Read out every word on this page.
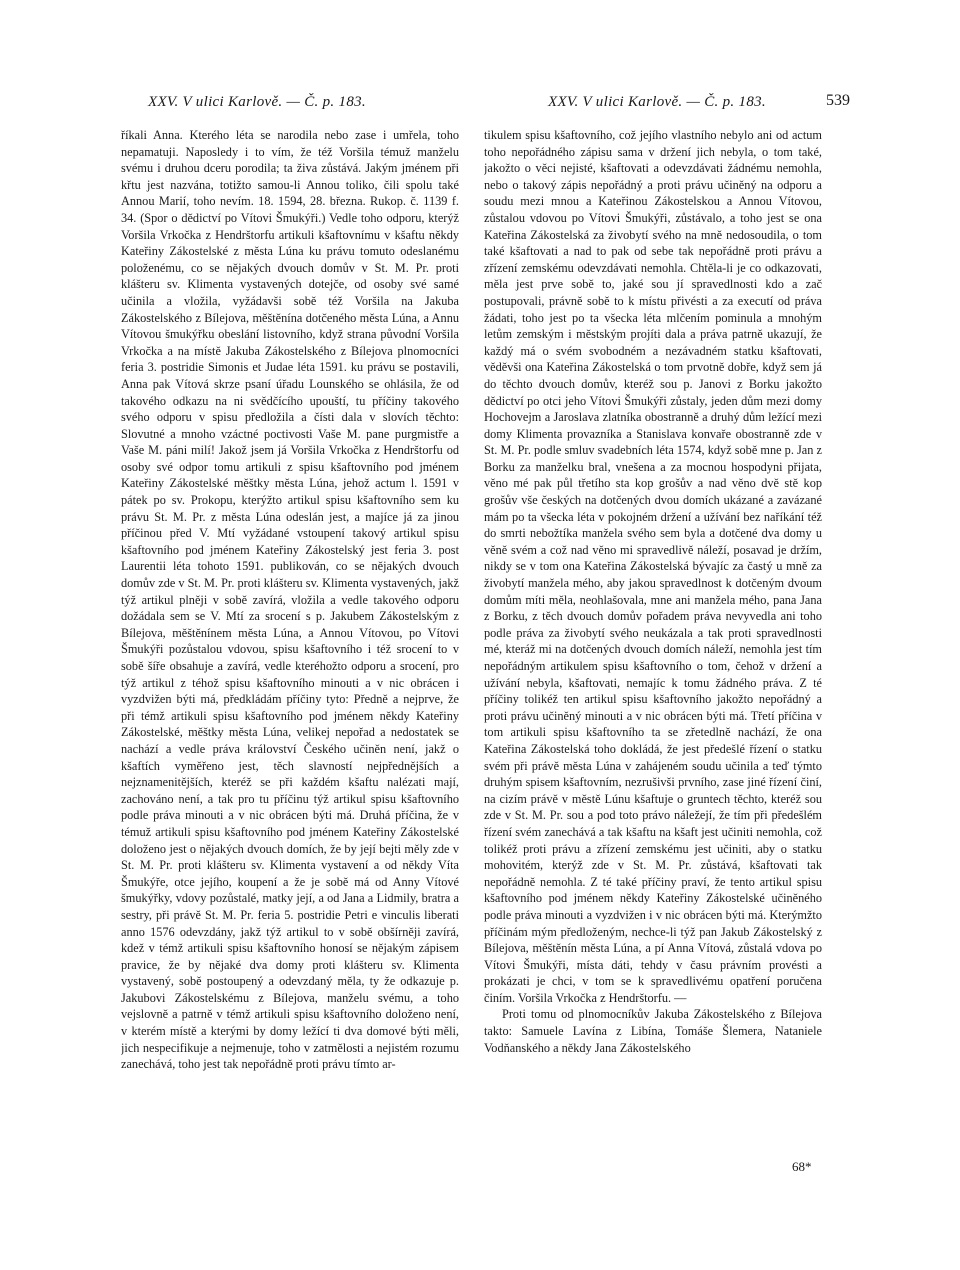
XXV. V ulici Karlově. — Č. p. 183.	XXV. V ulici Karlově. — Č. p. 183.	539

říkali Anna. Kterého léta se narodila nebo zase i umřela, toho nepamatuji. Naposledy i to vím, že též Voršila témuž manželu svému i druhou dceru porodila; ta živa zůstává. Jakým jménem při křtu jest nazvána, totižto samou-li Annou toliko, čili spolu také Annou Marií, toho nevím. 18. 1594, 28. března. Rukop. č. 1139 f. 34. (Spor o dědictví po Vítovi Šmukýři.) Vedle toho odporu, kterýž Voršila Vrkočka z Hendrštorfu artikuli kšaftovnímu v kšaftu někdy Kateřiny Zákostelské z města Lúna ku právu tomuto odeslanému položenému, co se nějakých dvouch domův v St. M. Pr. proti klášteru sv. Klimenta vystavených dotejče, od osoby své samé učinila a vložila, vyžádavši sobě též Voršila na Jakuba Zákostelského z Bílejova, měštěnína dotčeného města Lúna, a Annu Vítovou šmukýřku obeslání listovního, když strana původní Voršila Vrkočka a na místě Jakuba Zákostelského z Bílejova plnomocníci feria 3. postridie Simonis et Judae léta 1591. ku právu se postavili, Anna pak Vítová skrze psaní úřadu Lounského se ohlásila, že od takového odkazu na ni svědčícího upouští, tu příčiny takového svého odporu v spisu předložila a čísti dala v slovích těchto: Slovutné a mnoho vzáctné poctivosti Vaše M. pane purgmistře a Vaše M. páni milí! Jakož jsem já Voršila Vrkočka z Hendrštorfu od osoby své odpor tomu artikuli z spisu kšaftovního pod jménem Kateřiny Zákostelské měštky města Lúna, jehož actum l. 1591 v pátek po sv. Prokopu, kterýžto artikul spisu kšaftovního sem ku právu St. M. Pr. z města Lúna odeslán jest, a majíce já za jinou příčinou před V. Mtí vyžádané vstoupení takový artikul spisu kšaftovního pod jménem Kateřiny Zákostelský jest feria 3. post Laurentii léta tohoto 1591. publikován, co se nějakých dvouch domův zde v St. M. Pr. proti klášteru sv. Klimenta vystavených, jakž týž artikul plněji v sobě zavírá, vložila a vedle takového odporu dožádala sem se V. Mtí za srocení s p. Jakubem Zákostelským z Bílejova, měštěnínem města Lúna, a Annou Vítovou, po Vítovi Šmukýři pozůstalou vdovou, spisu kšaftovního i též srocení to v sobě šíře obsahuje a zavírá, vedle kteréhožto odporu a srocení, pro týž artikul z téhož spisu kšaftovního minouti a v nic obrácen i vyzdvižen býti má, předkládám příčiny tyto: Předně a nejprve, že při témž artikuli spisu kšaftovního pod jménem někdy Kateřiny Zákostelské, měštky města Lúna, velikej nepořad a nedostatek se nachází a vedle práva království Českého učiněn není, jakž o kšaftích vyměřeno jest, těch slavností nejpřednějších a nejznamenitějších, kteréž se při každém kšaftu nalézati mají, zachováno není, a tak pro tu příčinu týž artikul spisu kšaftovního podle práva minouti a v nic obrácen býti má. Druhá příčina, že v témuž artikuli spisu kšaftovního pod jménem Kateřiny Zákostelské doloženo jest o nějakých dvouch domích, že by její bejti měly zde v St. M. Pr. proti klášteru sv. Klimenta vystavení a od někdy Víta Šmukýře, otce jejího, koupení a že je sobě má od Anny Vítové šmukýřky, vdovy pozůstalé, matky její, a od Jana a Lidmily, bratra a sestry, při právě St. M. Pr. feria 5. postridie Petri e vinculis liberati anno 1576 odevzdány, jakž týž artikul to v sobě obšírněji zavírá, kdež v témž artikuli spisu kšaftovního honosí se nějakým zápisem pravice, že by nějaké dva domy proti klášteru sv. Klimenta vystavený, sobě postoupený a odevzdaný měla, ty že odkazuje p. Jakubovi Zákostelskému z Bílejova, manželu svému, a toho vejslovně a patrně v témž artikuli spisu kšaftovního doloženo není, v kterém místě a kterými by domy ležící ti dva domové býti měli, jich nespecifikuje a nejmenuje, toho v zatmělosti a nejistém rozumu zanechává, toho jest tak nepořádně proti právu tímto ar-

tikulem spisu kšaftovního, což jejího vlastního nebylo ani od actum toho nepořádného zápisu sama v držení jich nebyla, o tom také, jakožto o věci nejisté, kšaftovati a odevzdávati žádnému nemohla, nebo o takový zápis nepořádný a proti právu učiněný na odporu a soudu mezi mnou a Kateřinou Zákostelskou a Annou Vítovou, zůstalou vdovou po Vítovi Šmukýři, zůstávalo, a toho jest se ona Kateřina Zákostelská za živobytí svého na mně nedosoudila, o tom také kšaftovati a nad to pak od sebe tak nepořádně proti právu a zřízení zemskému odevzdávati nemohla. Chtěla-li je co odkazovati, měla jest prve sobě to, jaké sou jí spravedlnosti kdo a zač postupovali, právně sobě to k místu přivésti a za executí od práva žádati, toho jest po ta všecka léta mlčením pominula a mnohým letům zemským i městským projíti dala a práva patrně ukazují, že každý má o svém svobodném a nezávadném statku kšaftovati, věděvši ona Kateřina Zákostelská o tom prvotně dobře, když sem já do těchto dvouch domův, kteréž sou p. Janovi z Borku jakožto dědictví po otci jeho Vítovi Šmukýři zůstaly, jeden dům mezi domy Hochovejm a Jaroslava zlatníka obostranně a druhý dům ležící mezi domy Klimenta provazníka a Stanislava konvaře obostranně zde v St. M. Pr. podle smluv svadebních léta 1574, když sobě mne p. Jan z Borku za manželku bral, vnešena a za mocnou hospodyni přijata, věno mé pak půl třetího sta kop grošův a nad věno dvě stě kop grošův vše českých na dotčených dvou domích ukázané a zavázané mám po ta všecka léta v pokojném držení a užívání bez naříkání též do smrti nebožtíka manžela svého sem byla a dotčené dva domy u věně svém a což nad věno mi spravedlivě náleží, posavad je držím, nikdy se v tom ona Kateřina Zákostelská bývajíc za častý u mně za živobytí manžela mého, aby jakou spravedlnost k dotčeným dvoum domům míti měla, neohlašovala, mne ani manžela mého, pana Jana z Borku, z těch dvouch domův pořadem práva nevyvedla ani toho podle práva za živobytí svého neukázala a tak proti spravedlnosti mé, kteráž mi na dotčených dvouch domích náleží, nemohla jest tím nepořádným artikulem spisu kšaftovního o tom, čehož v držení a užívání nebyla, kšaftovati, nemajíc k tomu žádného práva. Z té příčiny tolikéž ten artikul spisu kšaftovního jakožto nepořádný a proti právu učiněný minouti a v nic obrácen býti má. Třetí příčina v tom artikuli spisu kšaftovního ta se zřetedlně nachází, že ona Kateřina Zákostelská toho dokládá, že jest předešlé řízení o statku svém při právě města Lúna v zahájeném soudu učinila a teď týmto druhým spisem kšaftovním, nezrušivši prvního, zase jiné řízení činí, na cizím právě v městě Lúnu kšaftuje o gruntech těchto, kteréž sou zde v St. M. Pr. sou a pod toto právo náležejí, že tím při předešlém řízení svém zanechává a tak kšaftu na kšaft jest učiniti nemohla, což tolikéž proti právu a zřízení zemskému jest učiniti, aby o statku mohovitém, kterýž zde v St. M. Pr. zůstává, kšaftovati tak nepořádně nemohla. Z té také příčiny praví, že tento artikul spisu kšaftovního pod jménem někdy Kateřiny Zákostelské učiněného podle práva minouti a vyzdvižen i v nic obrácen býti má. Kterýmžto příčinám mým předloženým, nechce-li týž pan Jakub Zákostelský z Bílejova, měštěnín města Lúna, a pí Anna Vítová, zůstalá vdova po Vítovi Šmukýři, místa dáti, tehdy v času právním provésti a prokázati je chci, v tom se k spravedlivému opatření poručena činím. Voršila Vrkočka z Hendrštorfu. —

Proti tomu od plnomocníkův Jakuba Zákostelského z Bílejova takto: Samuele Lavína z Libína, Tomáše Šlemera, Nataniele Vodňanského a někdy Jana Zákostelského

68*
